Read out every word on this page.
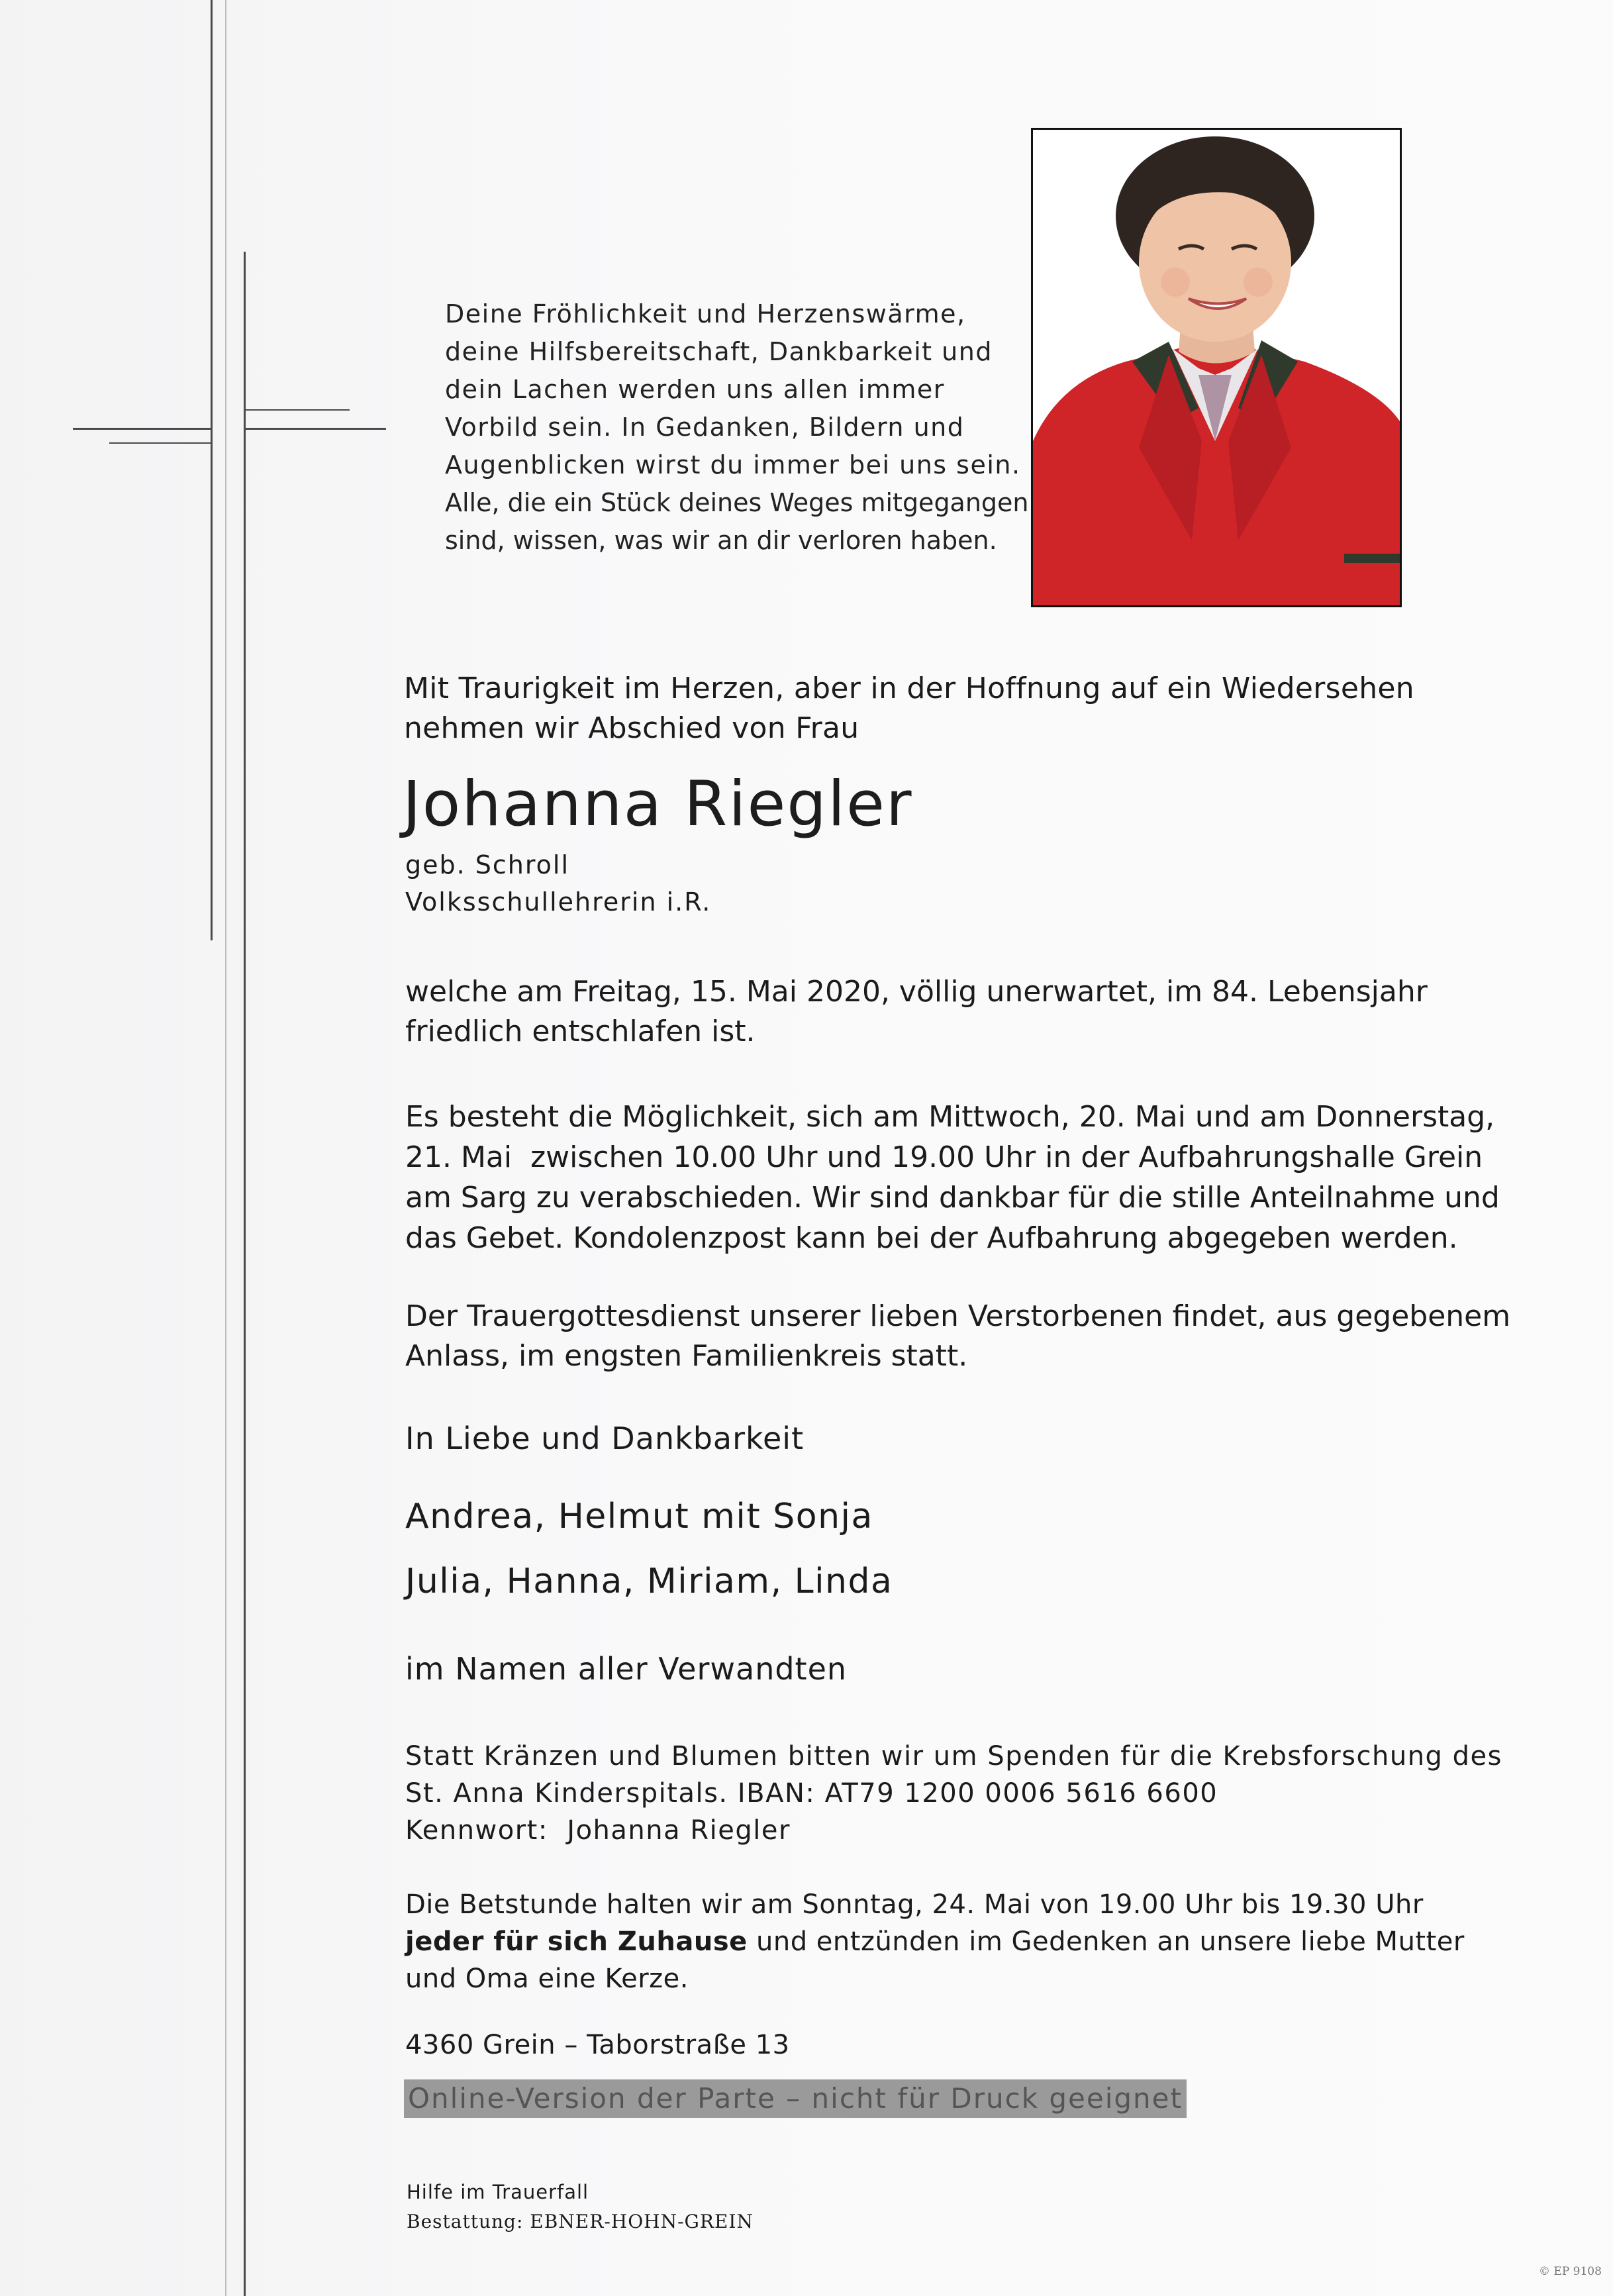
Deine Fröhlichkeit und Herzenswärme,
deine Hilfsbereitschaft, Dankbarkeit und
dein Lachen werden uns allen immer
Vorbild sein. In Gedanken, Bildern und
Augenblicken wirst du immer bei uns sein.
Alle, die ein Stück deines Weges mitgegangen
sind, wissen, was wir an dir verloren haben.
Mit Traurigkeit im Herzen, aber in der Hoffnung auf ein Wiedersehen
nehmen wir Abschied von Frau
Johanna Riegler
geb. Schroll
Volksschullehrerin i.R.
welche am Freitag, 15. Mai 2020, völlig unerwartet, im 84. Lebensjahr
friedlich entschlafen ist.
Es besteht die Möglichkeit, sich am Mittwoch, 20. Mai und am Donnerstag,
21. Mai  zwischen 10.00 Uhr und 19.00 Uhr in der Aufbahrungshalle Grein
am Sarg zu verabschieden. Wir sind dankbar für die stille Anteilnahme und
das Gebet. Kondolenzpost kann bei der Aufbahrung abgegeben werden.
Der Trauergottesdienst unserer lieben Verstorbenen findet, aus gegebenem
Anlass, im engsten Familienkreis statt.
In Liebe und Dankbarkeit
Andrea, Helmut mit Sonja
Julia, Hanna, Miriam, Linda
im Namen aller Verwandten
Statt Kränzen und Blumen bitten wir um Spenden für die Krebsforschung des
St. Anna Kinderspitals. IBAN: AT79 1200 0006 5616 6600
Kennwort:  Johanna Riegler
Die Betstunde halten wir am Sonntag, 24. Mai von 19.00 Uhr bis 19.30 Uhr
jeder für sich Zuhause und entzünden im Gedenken an unsere liebe Mutter
und Oma eine Kerze.
4360 Grein – Taborstraße 13
Online-Version der Parte – nicht für Druck geeignet
Hilfe im Trauerfall
Bestattung: EBNER-HOHN-GREIN
© EP 9108
